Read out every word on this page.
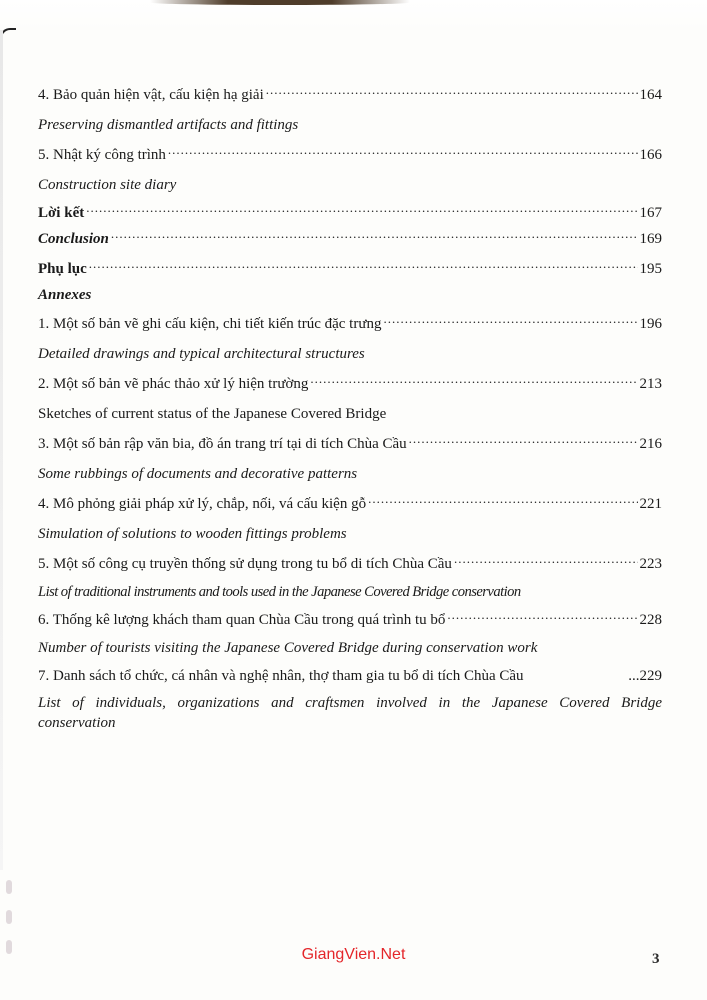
4. Bảo quản hiện vật, cấu kiện hạ giải .....	164
Preserving dismantled artifacts and fittings
5. Nhật ký công trình .....	166
Construction site diary
Lời kết .....	167
Conclusion .....	169
Phụ lục .....	195
Annexes
1. Một số bản vẽ ghi cấu kiện, chi tiết kiến trúc đặc trưng .....	196
Detailed drawings and typical architectural structures
2. Một số bản vẽ phác thảo xử lý hiện trường .....	213
Sketches of current status of the Japanese Covered Bridge
3. Một số bản rập văn bia, đồ án trang trí tại di tích Chùa Cầu .....	216
Some rubbings of documents and decorative patterns
4. Mô phỏng giải pháp xử lý, chắp, nối, vá cấu kiện gỗ .....	221
Simulation of solutions to wooden fittings problems
5. Một số công cụ truyền thống sử dụng trong tu bổ di tích Chùa Cầu .....	223
List of traditional instruments and tools used in the Japanese Covered Bridge conservation
6. Thống kê lượng khách tham quan Chùa Cầu trong quá trình tu bổ .....	228
Number of tourists visiting the Japanese Covered Bridge during conservation work
7. Danh sách tổ chức, cá nhân và nghệ nhân, thợ tham gia tu bổ di tích Chùa Cầu	...229
List of individuals, organizations and craftsmen involved in the Japanese Covered Bridge conservation
GiangVien.Net	3
